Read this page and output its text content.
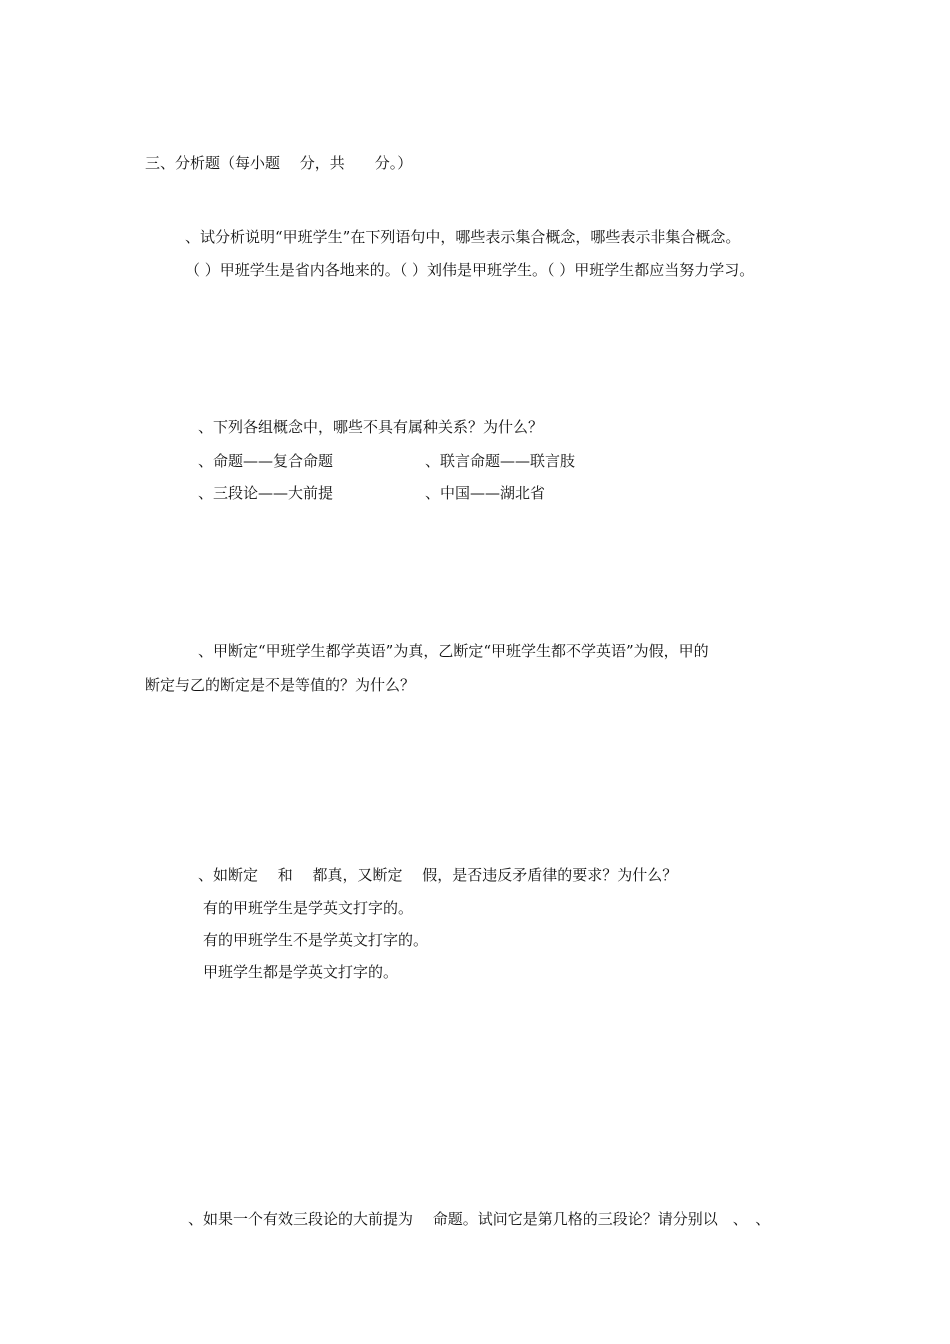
三、分析题（每小题　 分，共　　分。）

、试分析说明“甲班学生”在下列语句中，哪些表示集合概念，哪些表示非集合概念。

（ ）甲班学生是省内各地来的。（ ）刘伟是甲班学生。（ ）甲班学生都应当努力学习。

、下列各组概念中，哪些不具有属种关系？为什么？

、命题——复合命题	、联言命题——联言肢

、三段论——大前提	、中国——湖北省

、甲断定“甲班学生都学英语”为真，乙断定“甲班学生都不学英语”为假，甲的

断定与乙的断定是不是等值的？为什么？

、如断定　 和　 都真，又断定　 假，是否违反矛盾律的要求？为什么？

有的甲班学生是学英文打字的。

有的甲班学生不是学英文打字的。

甲班学生都是学英文打字的。

、如果一个有效三段论的大前提为　 命题。试问它是第几格的三段论？请分别以　、　、
